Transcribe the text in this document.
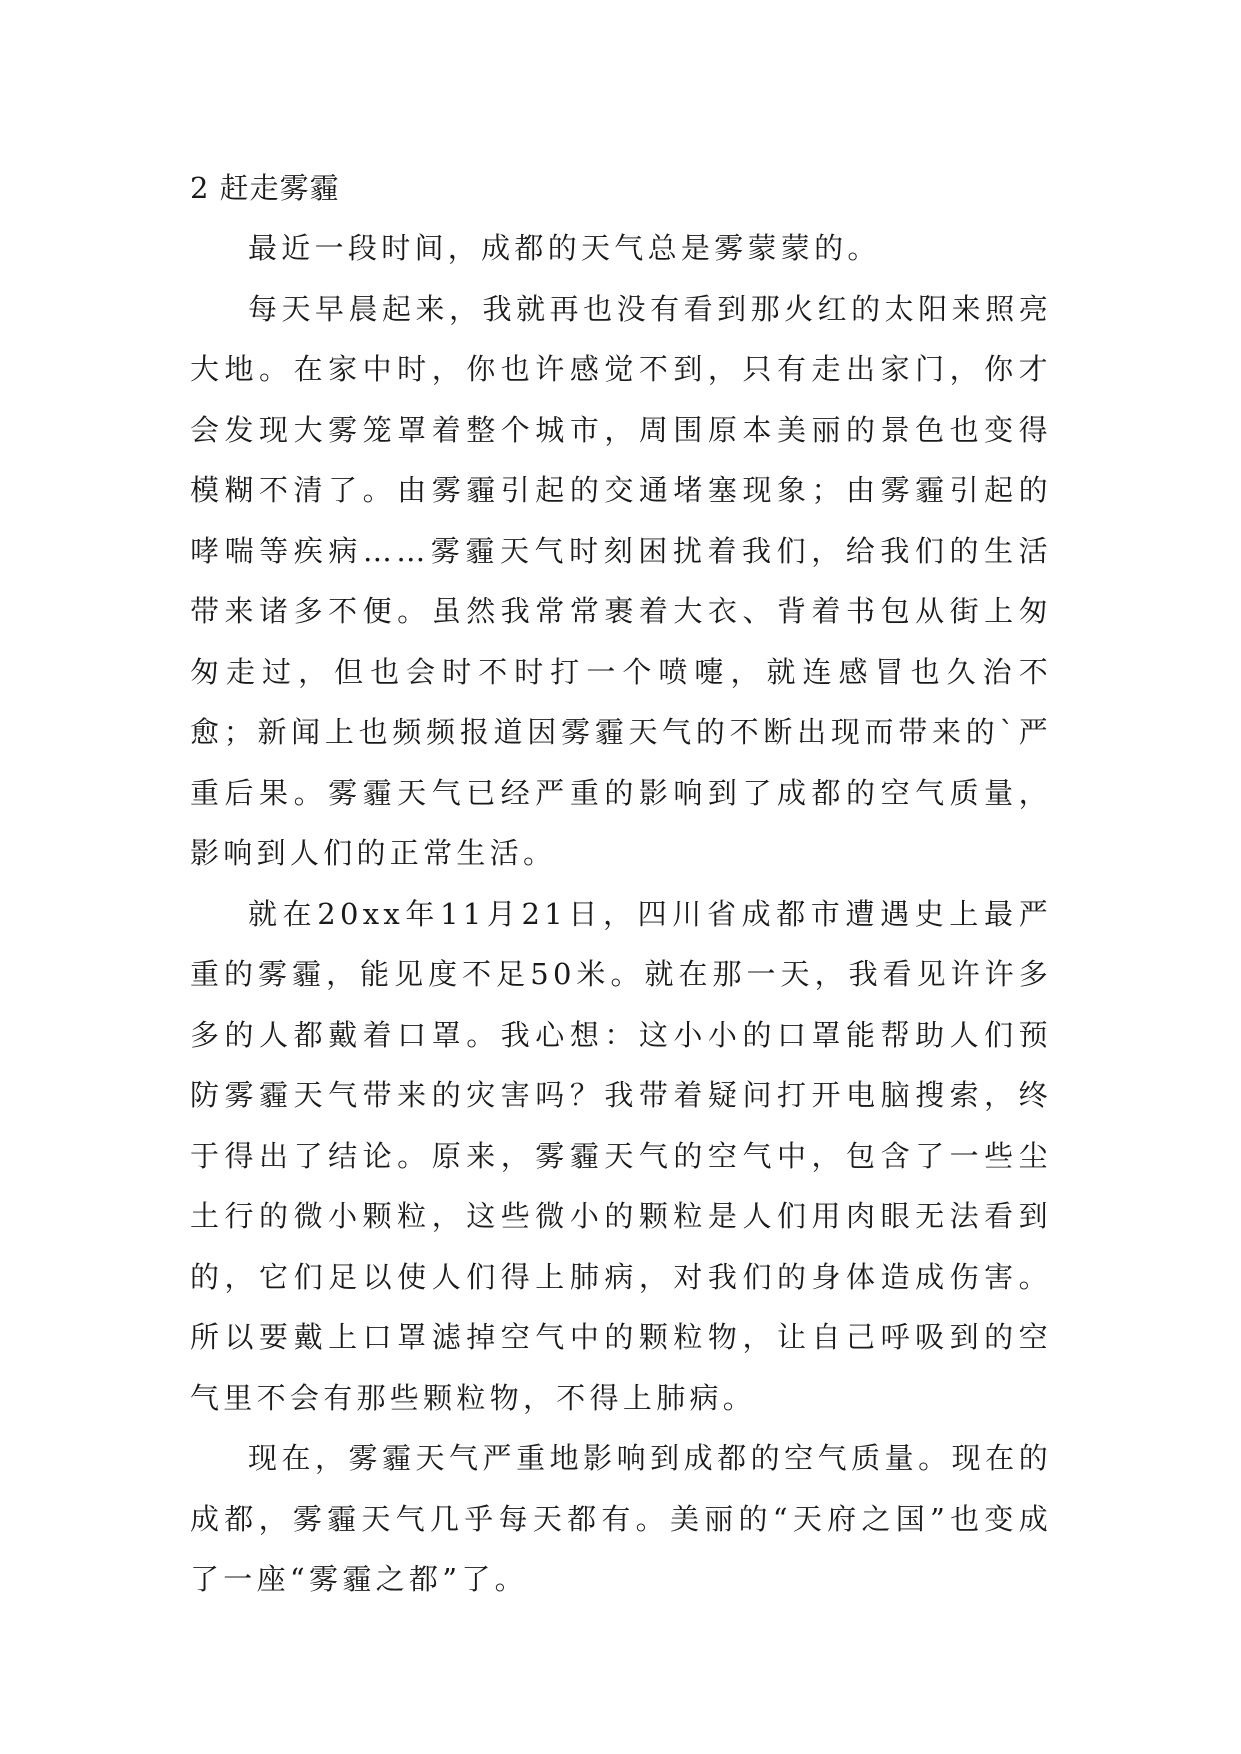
2 赶走雾霾

最近一段时间，成都的天气总是雾蒙蒙的。

每天早晨起来，我就再也没有看到那火红的太阳来照亮大地。在家中时，你也许感觉不到，只有走出家门，你才会发现大雾笼罩着整个城市，周围原本美丽的景色也变得模糊不清了。由雾霾引起的交通堵塞现象；由雾霾引起的哮喘等疾病……雾霾天气时刻困扰着我们，给我们的生活带来诸多不便。虽然我常常裹着大衣、背着书包从街上匆匆走过，但也会时不时打一个喷嚏，就连感冒也久治不愈；新闻上也频频报道因雾霾天气的不断出现而带来的`严重后果。雾霾天气已经严重的影响到了成都的空气质量，影响到人们的正常生活。

就在20xx年11月21日，四川省成都市遭遇史上最严重的雾霾，能见度不足50米。就在那一天，我看见许许多多的人都戴着口罩。我心想：这小小的口罩能帮助人们预防雾霾天气带来的灾害吗？我带着疑问打开电脑搜索，终于得出了结论。原来，雾霾天气的空气中，包含了一些尘土行的微小颗粒，这些微小的颗粒是人们用肉眼无法看到的，它们足以使人们得上肺病，对我们的身体造成伤害。所以要戴上口罩滤掉空气中的颗粒物，让自己呼吸到的空气里不会有那些颗粒物，不得上肺病。

现在，雾霾天气严重地影响到成都的空气质量。现在的成都，雾霾天气几乎每天都有。美丽的“天府之国”也变成了一座“雾霾之都”了。
